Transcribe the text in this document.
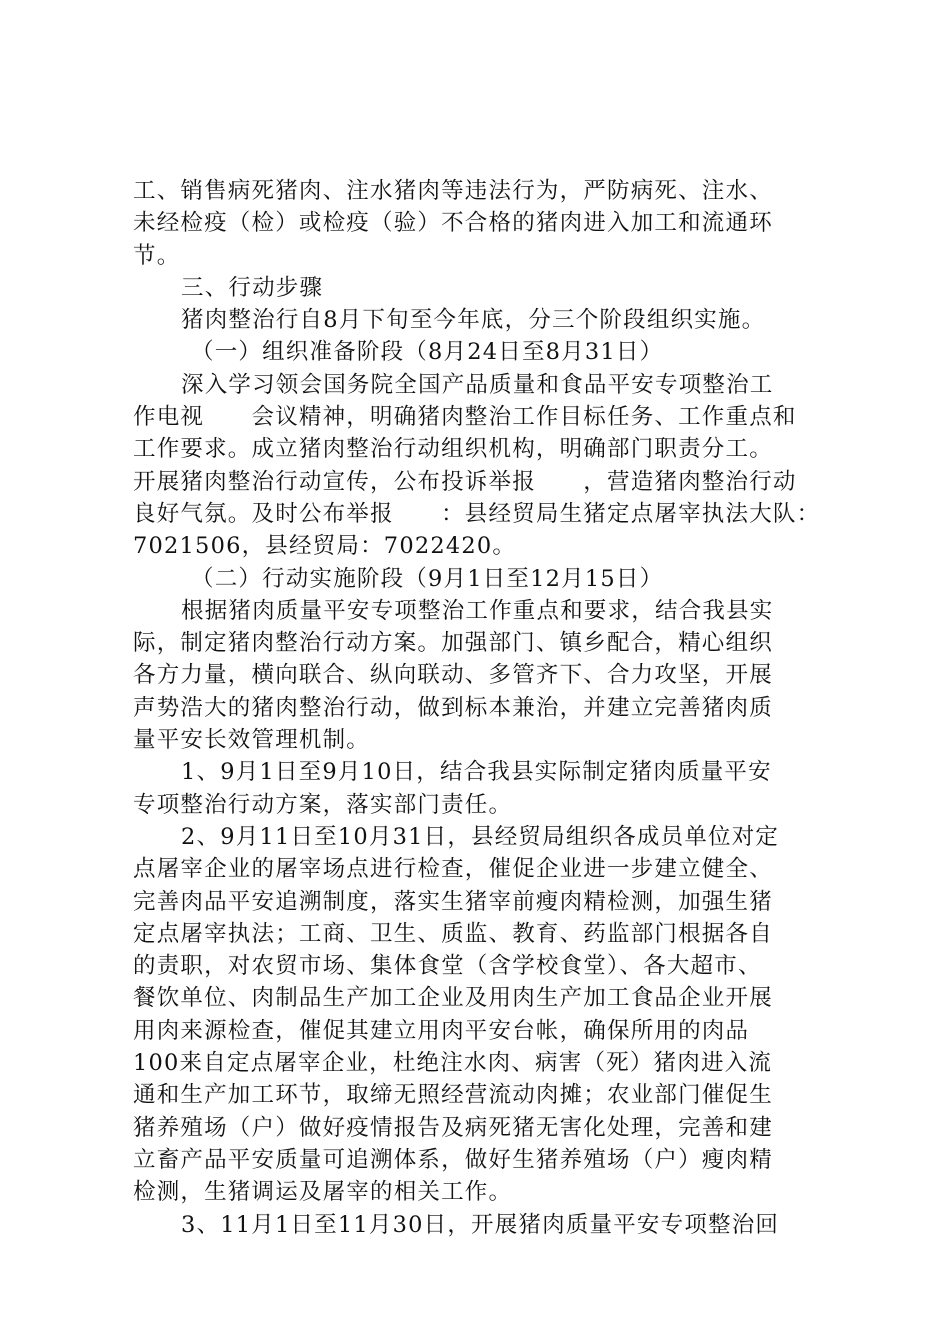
工、销售病死猪肉、注水猪肉等违法行为，严防病死、注水、
未经检疫（检）或检疫（验）不合格的猪肉进入加工和流通环
节。
三、行动步骤
猪肉整治行自8月下旬至今年底，分三个阶段组织实施。
（一）组织准备阶段（8月24日至8月31日）
深入学习领会国务院全国产品质量和食品平安专项整治工
作电视　　会议精神，明确猪肉整治工作目标任务、工作重点和
工作要求。成立猪肉整治行动组织机构，明确部门职责分工。
开展猪肉整治行动宣传，公布投诉举报　　，营造猪肉整治行动
良好气氛。及时公布举报　　：县经贸局生猪定点屠宰执法大队：
7021506，县经贸局：7022420。
（二）行动实施阶段（9月1日至12月15日）
根据猪肉质量平安专项整治工作重点和要求，结合我县实
际，制定猪肉整治行动方案。加强部门、镇乡配合，精心组织
各方力量，横向联合、纵向联动、多管齐下、合力攻坚，开展
声势浩大的猪肉整治行动，做到标本兼治，并建立完善猪肉质
量平安长效管理机制。
1、9月1日至9月10日，结合我县实际制定猪肉质量平安
专项整治行动方案，落实部门责任。
2、9月11日至10月31日，县经贸局组织各成员单位对定
点屠宰企业的屠宰场点进行检查，催促企业进一步建立健全、
完善肉品平安追溯制度，落实生猪宰前瘦肉精检测，加强生猪
定点屠宰执法；工商、卫生、质监、教育、药监部门根据各自
的责职，对农贸市场、集体食堂（含学校食堂）、各大超市、
餐饮单位、肉制品生产加工企业及用肉生产加工食品企业开展
用肉来源检查，催促其建立用肉平安台帐，确保所用的肉品
100来自定点屠宰企业，杜绝注水肉、病害（死）猪肉进入流
通和生产加工环节，取缔无照经营流动肉摊；农业部门催促生
猪养殖场（户）做好疫情报告及病死猪无害化处理，完善和建
立畜产品平安质量可追溯体系，做好生猪养殖场（户）瘦肉精
检测，生猪调运及屠宰的相关工作。
3、11月1日至11月30日，开展猪肉质量平安专项整治回
